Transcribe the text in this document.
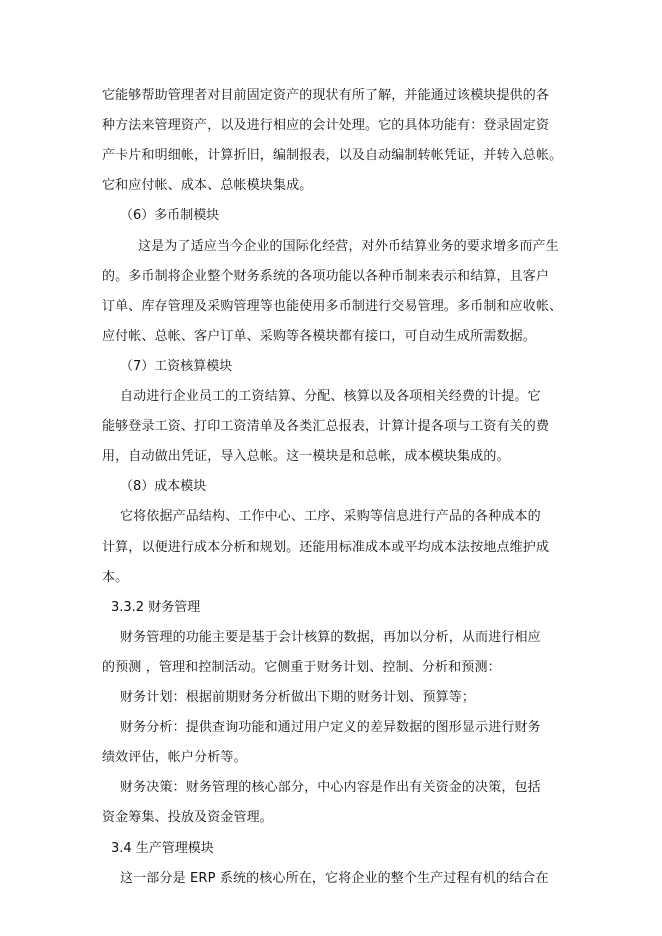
它能够帮助管理者对目前固定资产的现状有所了解，并能通过该模块提供的各
种方法来管理资产，以及进行相应的会计处理。它的具体功能有：登录固定资
产卡片和明细帐，计算折旧，编制报表，以及自动编制转帐凭证，并转入总帐。
它和应付帐、成本、总帐模块集成。
（6）多币制模块
这是为了适应当今企业的国际化经营，对外币结算业务的要求增多而产生
的。多币制将企业整个财务系统的各项功能以各种币制来表示和结算，且客户
订单、库存管理及采购管理等也能使用多币制进行交易管理。多币制和应收帐、
应付帐、总帐、客户订单、采购等各模块都有接口，可自动生成所需数据。
（7）工资核算模块
自动进行企业员工的工资结算、分配、核算以及各项相关经费的计提。它
能够登录工资、打印工资清单及各类汇总报表，计算计提各项与工资有关的费
用，自动做出凭证，导入总帐。这一模块是和总帐，成本模块集成的。
（8）成本模块
它将依据产品结构、工作中心、工序、采购等信息进行产品的各种成本的
计算，以便进行成本分析和规划。还能用标准成本或平均成本法按地点维护成
本。
3.3.2 财务管理
财务管理的功能主要是基于会计核算的数据，再加以分析，从而进行相应
的预测 ，管理和控制活动。它侧重于财务计划、控制、分析和预测：
财务计划：根据前期财务分析做出下期的财务计划、预算等；
财务分析：提供查询功能和通过用户定义的差异数据的图形显示进行财务
绩效评估，帐户分析等。
财务决策：财务管理的核心部分，中心内容是作出有关资金的决策，包括
资金筹集、投放及资金管理。
3.4 生产管理模块
这一部分是 ERP 系统的核心所在，它将企业的整个生产过程有机的结合在
